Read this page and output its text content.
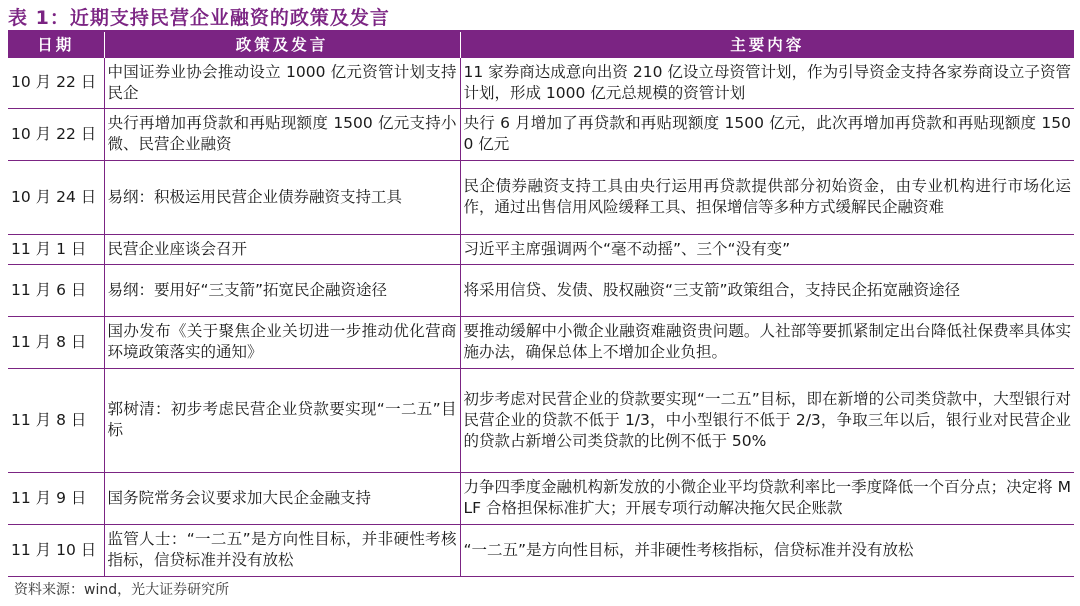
表 1：近期支持民营企业融资的政策及发言
日期	政策及发言	主要内容
10 月 22 日	中国证券业协会推动设立 1000 亿元资管计划支持民企	11 家券商达成意向出资 210 亿设立母资管计划，作为引导资金支持各家券商设立子资管计划，形成 1000 亿元总规模的资管计划
10 月 22 日	央行再增加再贷款和再贴现额度 1500 亿元支持小微、民营企业融资	央行 6 月增加了再贷款和再贴现额度 1500 亿元，此次再增加再贷款和再贴现额度 1500 亿元
10 月 24 日	易纲：积极运用民营企业债券融资支持工具	民企债券融资支持工具由央行运用再贷款提供部分初始资金，由专业机构进行市场化运作，通过出售信用风险缓释工具、担保增信等多种方式缓解民企融资难
11 月 1 日	民营企业座谈会召开	习近平主席强调两个“毫不动摇”、三个“没有变”
11 月 6 日	易纲：要用好“三支箭”拓宽民企融资途径	将采用信贷、发债、股权融资“三支箭”政策组合，支持民企拓宽融资途径
11 月 8 日	国办发布《关于聚焦企业关切进一步推动优化营商环境政策落实的通知》	要推动缓解中小微企业融资难融资贵问题。人社部等要抓紧制定出台降低社保费率具体实施办法，确保总体上不增加企业负担。
11 月 8 日	郭树清：初步考虑民营企业贷款要实现“一二五”目标	初步考虑对民营企业的贷款要实现“一二五”目标，即在新增的公司类贷款中，大型银行对民营企业的贷款不低于 1/3，中小型银行不低于 2/3，争取三年以后，银行业对民营企业的贷款占新增公司类贷款的比例不低于 50%
11 月 9 日	国务院常务会议要求加大民企金融支持	力争四季度金融机构新发放的小微企业平均贷款利率比一季度降低一个百分点；决定将 MLF 合格担保标准扩大；开展专项行动解决拖欠民企账款
11 月 10 日	监管人士：“一二五”是方向性目标，并非硬性考核指标，信贷标准并没有放松	“一二五”是方向性目标，并非硬性考核指标，信贷标准并没有放松
资料来源：wind，光大证券研究所
